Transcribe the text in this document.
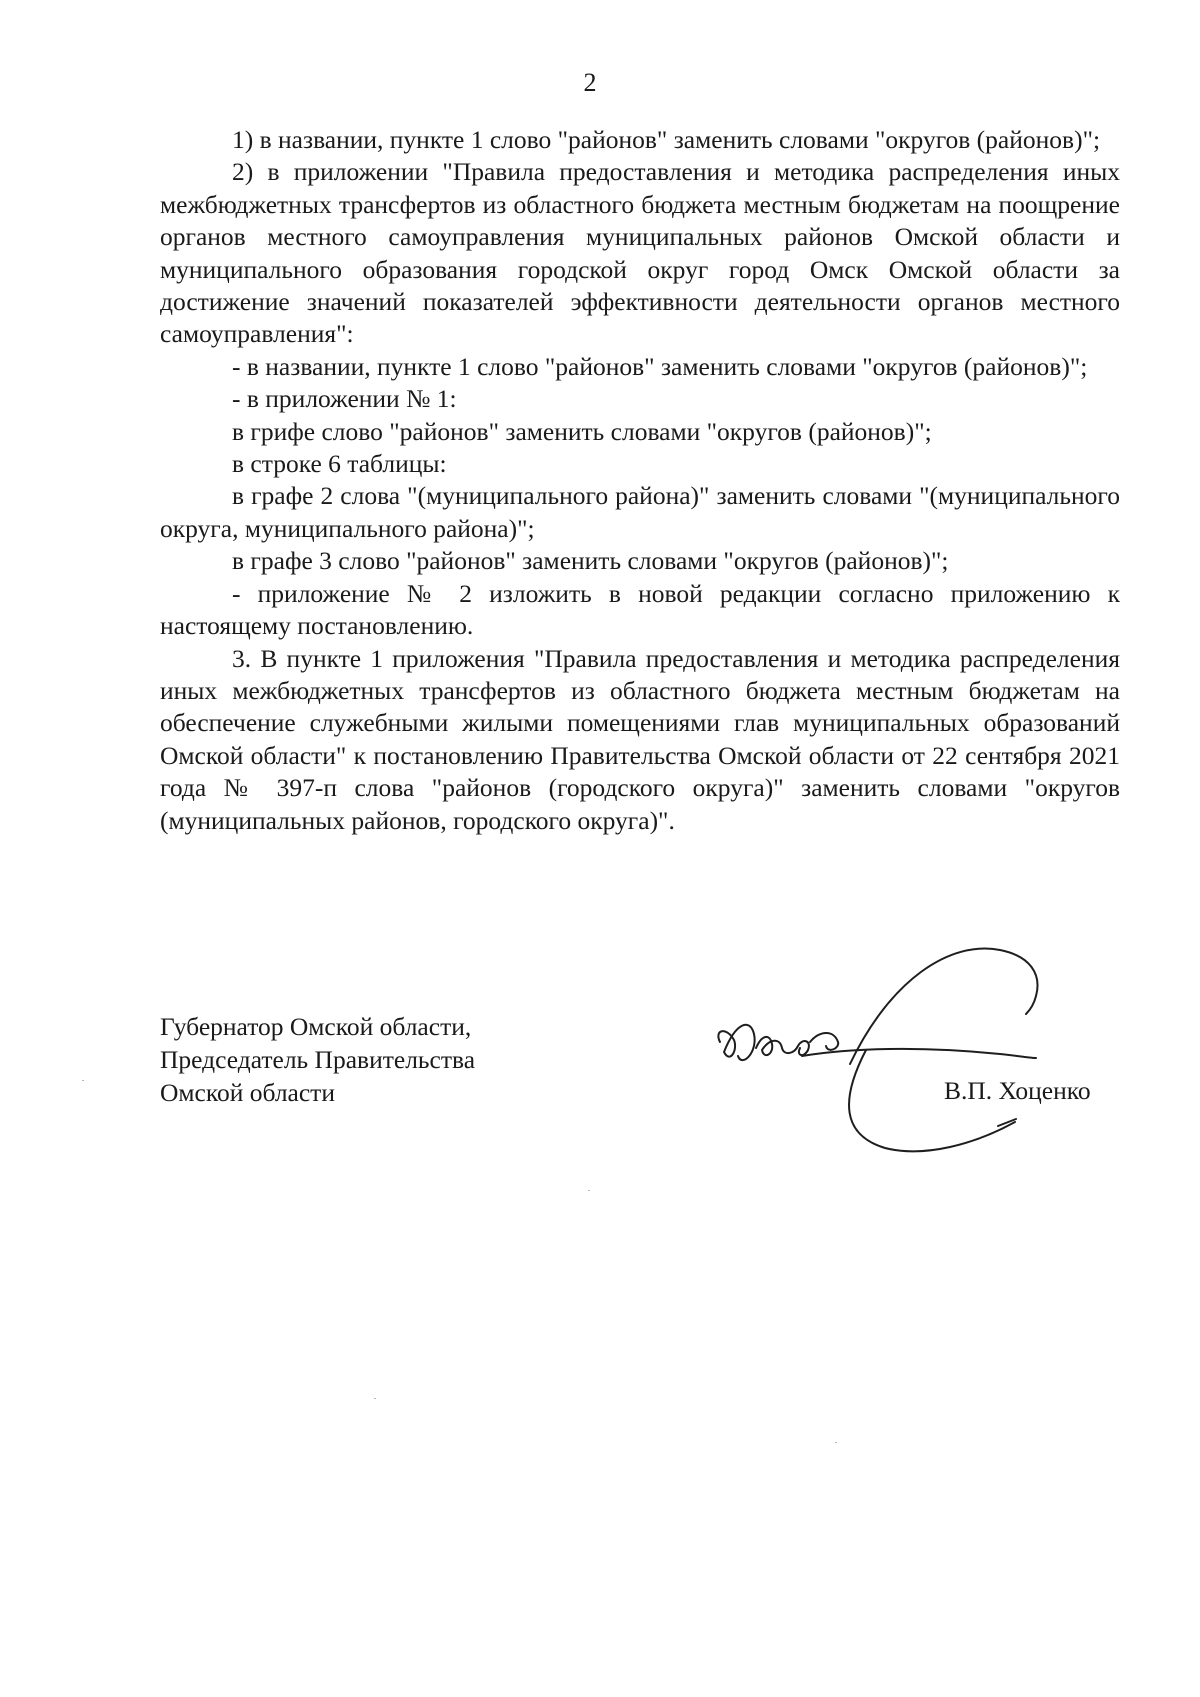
2

1) в названии, пункте 1 слово "районов" заменить словами "округов (районов)";

2) в приложении "Правила предоставления и методика распределения иных межбюджетных трансфертов из областного бюджета местным бюджетам на поощрение органов местного самоуправления муниципальных районов Омской области и муниципального образования городской округ город Омск Омской области за достижение значений показателей эффективности деятельности органов местного самоуправления":

- в названии, пункте 1 слово "районов" заменить словами "округов (районов)";

- в приложении № 1:

в грифе слово "районов" заменить словами "округов (районов)";

в строке 6 таблицы:

в графе 2 слова "(муниципального района)" заменить словами "(муниципального округа, муниципального района)";

в графе 3 слово "районов" заменить словами "округов (районов)";

- приложение № 2 изложить в новой редакции согласно приложению к настоящему постановлению.

3. В пункте 1 приложения "Правила предоставления и методика распределения иных межбюджетных трансфертов из областного бюджета местным бюджетам на обеспечение служебными жилыми помещениями глав муниципальных образований Омской области" к постановлению Правительства Омской области от 22 сентября 2021 года № 397-п слова "районов (городского округа)" заменить словами "округов (муниципальных районов, городского округа)".

Губернатор Омской области,
Председатель Правительства
Омской области	В.П. Хоценко
